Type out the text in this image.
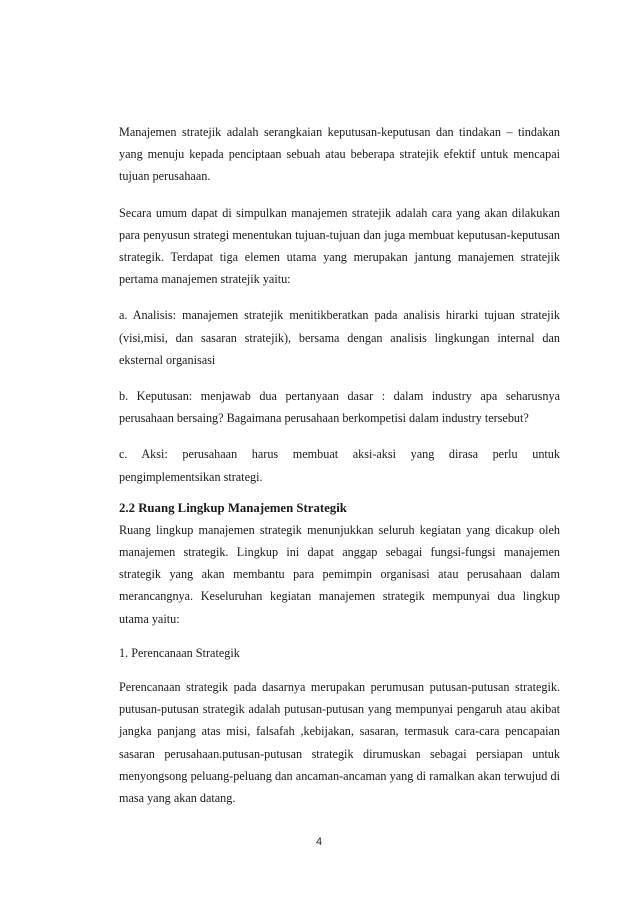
Manajemen stratejik adalah serangkaian keputusan-keputusan dan tindakan – tindakan yang menuju kepada penciptaan sebuah atau beberapa stratejik efektif untuk mencapai tujuan perusahaan.

Secara umum dapat di simpulkan manajemen stratejik adalah cara yang akan dilakukan para penyusun strategi menentukan tujuan-tujuan dan juga membuat keputusan-keputusan strategik. Terdapat tiga elemen utama yang merupakan jantung manajemen stratejik pertama manajemen stratejik yaitu:

a. Analisis: manajemen stratejik menitikberatkan pada analisis hirarki tujuan stratejik (visi,misi, dan sasaran stratejik), bersama dengan analisis lingkungan internal dan eksternal organisasi

b. Keputusan: menjawab dua pertanyaan dasar : dalam industry apa seharusnya perusahaan bersaing? Bagaimana perusahaan berkompetisi dalam industry tersebut?

c. Aksi: perusahaan harus membuat aksi-aksi yang dirasa perlu untuk pengimplementsikan strategi.

2.2 Ruang Lingkup Manajemen Strategik

Ruang lingkup manajemen strategik menunjukkan seluruh kegiatan yang dicakup oleh manajemen strategik. Lingkup ini dapat anggap sebagai fungsi-fungsi manajemen strategik yang akan membantu para pemimpin organisasi atau perusahaan dalam merancangnya. Keseluruhan kegiatan manajemen strategik mempunyai dua lingkup utama yaitu:

1. Perencanaan Strategik

Perencanaan strategik pada dasarnya merupakan perumusan putusan-putusan strategik. putusan-putusan strategik adalah putusan-putusan yang mempunyai pengaruh atau akibat jangka panjang atas misi, falsafah ,kebijakan, sasaran, termasuk cara-cara pencapaian sasaran perusahaan.putusan-putusan strategik dirumuskan sebagai persiapan untuk menyongsong peluang-peluang dan ancaman-ancaman yang di ramalkan akan terwujud di masa yang akan datang.

4
